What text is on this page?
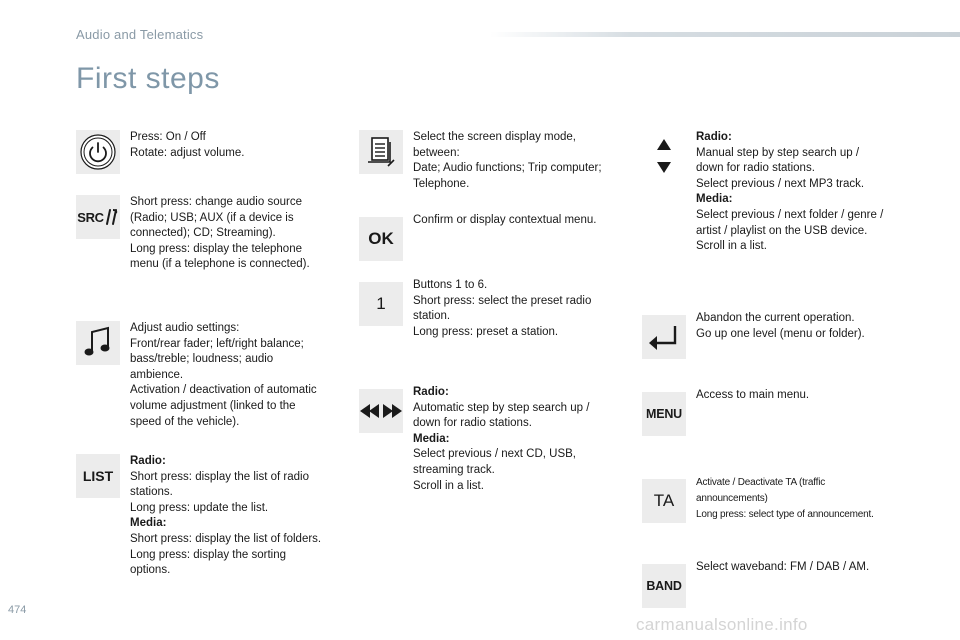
Audio and Telematics
First steps
Press: On / Off
Rotate: adjust volume.
SRC
Short press: change audio source
(Radio; USB; AUX (if a device is
connected); CD; Streaming).
Long press: display the telephone
menu (if a telephone is connected).
Adjust audio settings:
Front/rear fader; left/right balance;
bass/treble; loudness; audio
ambience.
Activation / deactivation of automatic
volume adjustment (linked to the
speed of the vehicle).
LIST
Radio:
Short press: display the list of radio
stations.
Long press: update the list.
Media:
Short press: display the list of folders.
Long press: display the sorting
options.
Select the screen display mode,
between:
Date; Audio functions; Trip computer;
Telephone.
OK
Confirm or display contextual menu.
1
Buttons 1 to 6.
Short press: select the preset radio
station.
Long press: preset a station.
Radio:
Automatic step by step search up /
down for radio stations.
Media:
Select previous / next CD, USB,
streaming track.
Scroll in a list.
Radio:
Manual step by step search up /
down for radio stations.
Select previous / next MP3 track.
Media:
Select previous / next folder / genre /
artist / playlist on the USB device.
Scroll in a list.
Abandon the current operation.
Go up one level (menu or folder).
MENU
Access to main menu.
TA
Activate / Deactivate TA (traffic
announcements)
Long press: select type of announcement.
BAND
Select waveband: FM / DAB / AM.
474
carmanualsonline.info
